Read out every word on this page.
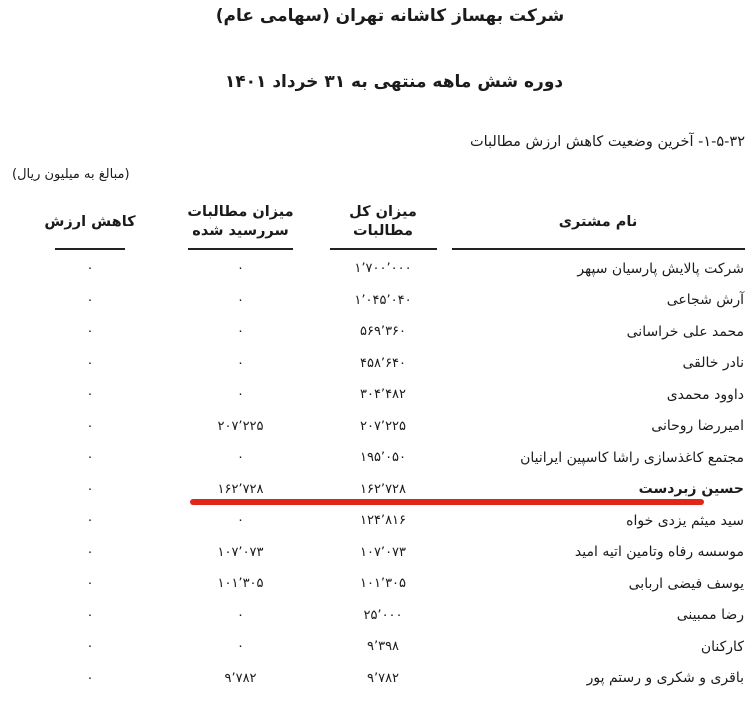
شرکت بهساز کاشانه تهران (سهامی عام)
دوره شش ماهه منتهی به ۳۱ خرداد ۱۴۰۱
۱-۵-۳۲- آخرین وضعیت کاهش ارزش مطالبات
(مبالغ به میلیون ریال)
نام مشتری
میزان کل
مطالبات
میزان مطالبات
سررسید شده
کاهش ارزش
شرکت پالایش پارسیان سپهر
۱٬۷۰۰٬۰۰۰
۰
۰
آرش شجاعی
۱٬۰۴۵٬۰۴۰
۰
۰
محمد علی خراسانی
۵۶۹٬۳۶۰
۰
۰
نادر خالقی
۴۵۸٬۶۴۰
۰
۰
داوود محمدی
۳۰۴٬۴۸۲
۰
۰
امیررضا روحانی
۲۰۷٬۲۲۵
۲۰۷٬۲۲۵
۰
مجتمع کاغذسازی راشا کاسپین ایرانیان
۱۹۵٬۰۵۰
۰
۰
حسین زبردست
۱۶۲٬۷۲۸
۱۶۲٬۷۲۸
۰
سید میثم یزدی خواه
۱۲۴٬۸۱۶
۰
۰
موسسه رفاه وتامین اتیه امید
۱۰۷٬۰۷۳
۱۰۷٬۰۷۳
۰
یوسف فیضی اربابی
۱۰۱٬۳۰۵
۱۰۱٬۳۰۵
۰
رضا ممبینی
۲۵٬۰۰۰
۰
۰
کارکنان
۹٬۳۹۸
۰
۰
باقری و شکری و رستم پور
۹٬۷۸۲
۹٬۷۸۲
۰
